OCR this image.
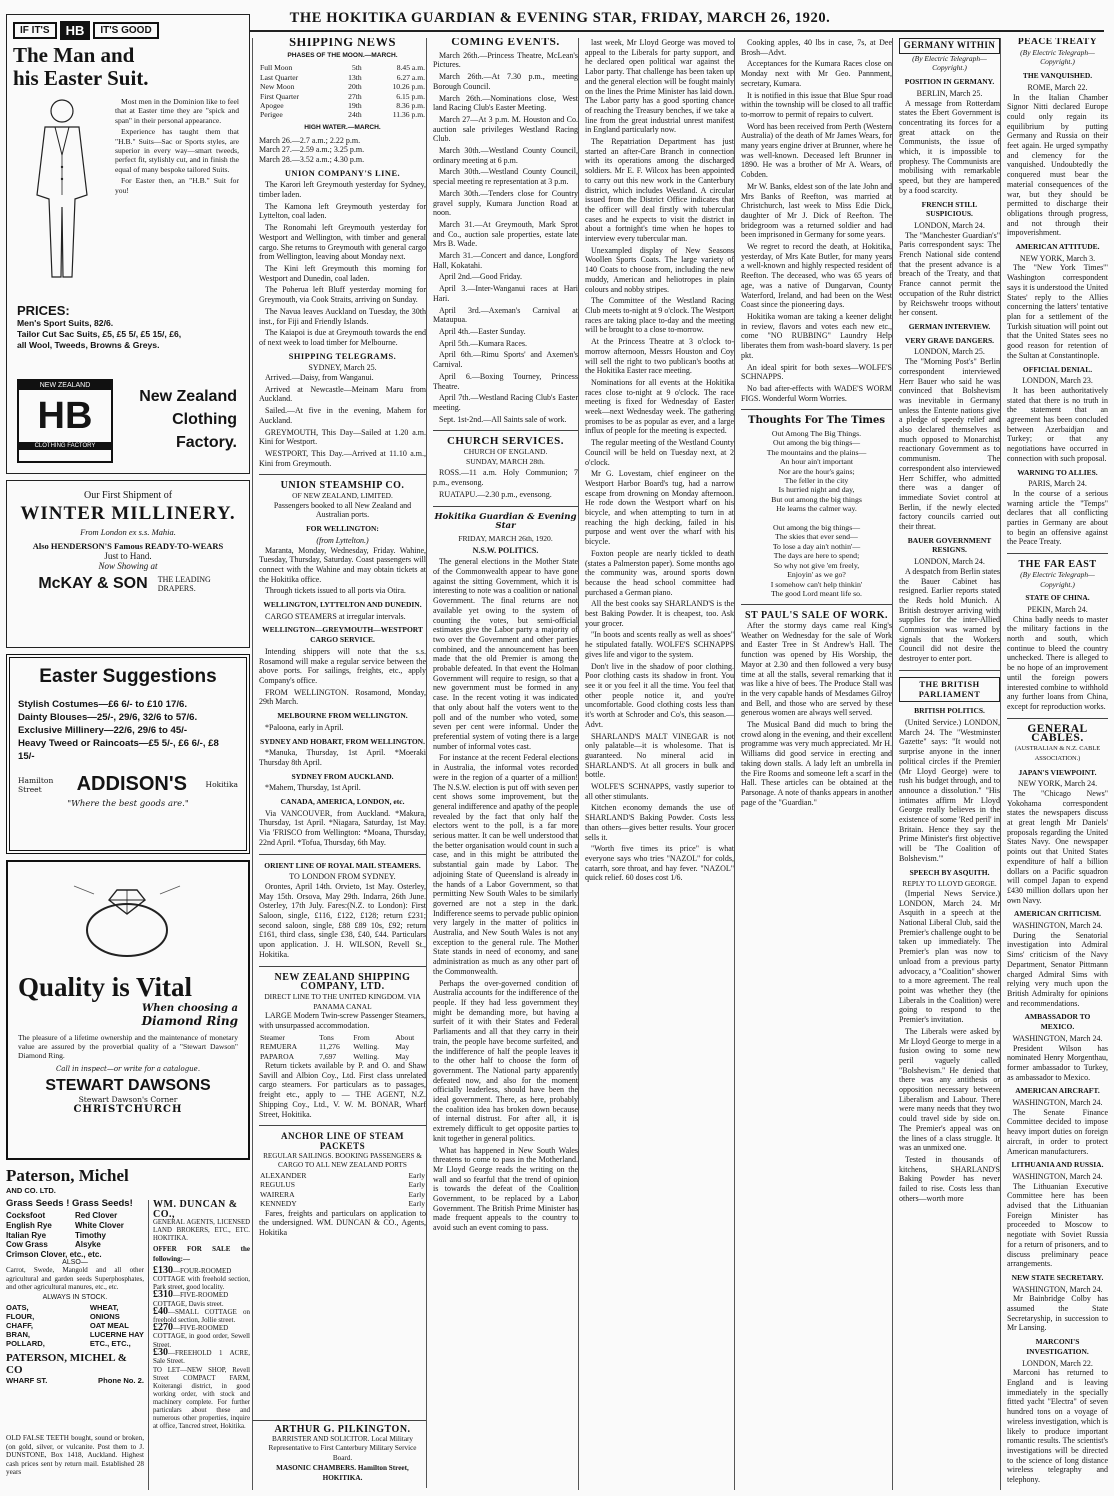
THE HOKITIKA GUARDIAN & EVENING STAR, FRIDAY, MARCH 26, 1920.
IF IT'S	HB	IT'S GOOD
The Man and his Easter Suit.

Most men in the Dominion like to feel that at Easter time they are "spick and span" in their personal appearance.

Experience has taught them that "H.B." Suits—Sac or Sports styles, are superior in every way—smart tweeds, perfect fit, stylishly cut, and in finish the equal of many bespoke tailored Suits.

For Easter then, an "H.B." Suit for you!

PRICES:
Men's Sport Suits, 82/6.
Tailor Cut Sac Suits, £5, £5 5/, £5 15/, £6,
all Wool, Tweeds, Browns & Greys.
NEW ZEALAND
HB
CLOTHING FACTORY
New Zealand Clothing Factory.
Our First Shipment of
WINTER MILLINERY.
From London ex s.s. Mahia.
Also HENDERSON'S Famous READY-TO-WEARS
Just to Hand.
Now Showing at
McKAY & SON THE LEADING DRAPERS.
Easter Suggestions
Stylish Costumes—£6 6/- to £10 17/6.
Dainty Blouses—25/-, 29/6, 32/6 to 57/6.
Exclusive Millinery—22/6, 29/6 to 45/-
Heavy Tweed or Raincoats—£5 5/-, £6 6/-, £8 15/-
Hamilton Street	ADDISON'S Hokitika
"Where the best goods are."
Quality is Vital
When choosing a
Diamond Ring
The pleasure of a lifetime ownership and the maintenance of monetary value are assured by the proverbial quality of a "Stewart Dawson" Diamond Ring.
Call in inspect—or write for a catalogue.
STEWART DAWSONS
Stewart Dawson's Corner
CHRISTCHURCH
Paterson, Michel
AND CO. LTD.
Grass Seeds ! Grass Seeds!
Cocksfoot	Red Clover
English Rye	White Clover
Italian Rye	Timothy
Cow Grass	Alsyke
Crimson Clover, etc., etc.
ALSO—
Carrot, Swede, Mangold and all other agricultural and garden seeds Superphosphates, and other agricultural manures, etc., etc.
ALWAYS IN STOCK.
OATS,
FLOUR,
CHAFF,
BRAN,
POLLARD,
WHEAT,
ONIONS
OAT MEAL
LUCERNE HAY
ETC., ETC.,
PATERSON, MICHEL & CO
WHARF ST.	Phone No. 2.
OLD FALSE TEETH bought, sound or broken, (on gold, silver, or vulcanite. Post them to J. DUNSTONE, Box 1418, Auckland. Highest cash prices sent by return mail. Established 28 years
SHIPPING NEWS
PHASES OF THE MOON.—MARCH.
Full Moon	5th	8.45 a.m.
Last Quarter	13th	6.27 a.m.
New Moon	20th	10.26 p.m.
First Quarter	27th	6.15 p.m.
Apogee	19th	8.36 p.m.
Perigee	24th	11.36 p.m.
HIGH WATER.—MARCH.
March 26.—2.7 a.m.; 2.22 p.m.
March 27.—2.59 a.m.; 3.25 p.m.
March 28.—3.52 a.m.; 4.30 p.m.
UNION COMPANY'S LINE.

The Karori left Greymouth yesterday for Sydney, timber laden.

The Kamona left Greymouth yesterday for Lyttelton, coal laden.

The Ronomahi left Greymouth yesterday for Westport and Wellington, with timber and general cargo. She returns to Greymouth with general cargo from Wellington, leaving about Monday next.

The Kini left Greymouth this morning for Westport and Dunedin, coal laden.

The Poherua left Bluff yesterday morning for Greymouth, via Cook Straits, arriving on Sunday.

The Navua leaves Auckland on Tuesday, the 30th inst., for Fiji and Friendly Islands.

The Kaiapoi is due at Greymouth towards the end of next week to load timber for Melbourne.

SHIPPING TELEGRAMS.
SYDNEY, March 25.

Arrived.—Daisy, from Wanganui.

Arrived at Newcastle—Meinam Maru from Auckland.

Sailed.—At five in the evening, Mahem for Auckland.

GREYMOUTH, This Day—Sailed at 1.20 a.m. Kini for Westport.

WESTPORT, This Day.—Arrived at 11.10 a.m., Kini from Greymouth.

UNION STEAMSHIP CO.
OF NEW ZEALAND, LIMITED.
Passengers booked to all New Zealand and Australian ports.
FOR WELLINGTON:
(from Lyttelton.)

Maranta, Monday, Wednesday, Friday. Wahine, Tuesday, Thursday, Saturday. Coast passengers will connect with the Wahine and may obtain tickets at the Hokitika office.

Through tickets issued to all ports via Otira.

WELLINGTON, LYTTELTON AND DUNEDIN.

CARGO STEAMERS at irregular intervals.

WELLINGTON—GREYMOUTH—WESTPORT CARGO SERVICE.

Intending shippers will note that the s.s. Rosamond will make a regular service between the above ports. For sailings, freights, etc., apply Company's office.

FROM WELLINGTON. Rosamond, Monday, 29th March.

MELBOURNE FROM WELLINGTON.

*Paloona, early in April.

SYDNEY AND HOBART, FROM WELLINGTON.

*Manuka, Thursday, 1st April. *Moeraki Thursday 8th April.

SYDNEY FROM AUCKLAND.

*Mahem, Thursday, 1st April.

CANADA, AMERICA, LONDON, etc.

Via VANCOUVER, from Auckland. *Makura, Thursday, 1st April. *Niagara, Saturday, 1st May. Via 'FRISCO from Wellington: *Moana, Thursday, 22nd April. *Tofua, Thursday, 6th May.

ORIENT LINE OF ROYAL MAIL STEAMERS.
TO LONDON FROM SYDNEY.

Orontes, April 14th. Orvieto, 1st May. Osterley, May 15th. Orsova, May 29th. Indarra, 26th June. Osterley, 17th July. Fares:(N.Z. to London): First Saloon, single, £116, £122, £128; return £231; second saloon, single, £88 £89 10s, £92; return £161, third class, single £38, £40, £44. Particulars upon application. J. H. WILSON, Revell St., Hokitika.

NEW ZEALAND SHIPPING COMPANY, LTD.
DIRECT LINE TO THE UNITED KINGDOM. VIA PANAMA CANAL

LARGE Modern Twin-screw Passenger Steamers, with unsurpassed accommodation.

Steamer	Tons	From	About
REMUERA	11,276	Welling.	May
PAPAROA	7,697	Welling.	May

Return tickets available by P. and O. and Shaw Savill and Albion Coy., Ltd. First class unrelated cargo steamers. For particulars as to passages, freight etc., apply to — THE AGENT, N.Z. Shipping Coy., Ltd., V. W. M. BONAR, Wharf Street, Hokitika.

ANCHOR LINE OF STEAM PACKETS
REGULAR SAILINGS. BOOKING PASSENGERS & CARGO TO ALL NEW ZEALAND PORTS
ALEXANDER	Early
REGULUS	Early
WAIRERA	Early
KENNEDY	Early

Fares, freights and particulars on application to the undersigned. WM. DUNCAN & CO., Agents, Hokitika

WM. DUNCAN & CO.,
GENERAL AGENTS, LICENSED LAND BROKERS, ETC., ETC. HOKITIKA.
OFFER FOR SALE the following:—
£130—FOUR-ROOMED COTTAGE with freehold section, Park street, good locality.
£310—FIVE-ROOMED COTTAGE, Davis street.
£40—SMALL COTTAGE on freehold section, Jollie street.
£270—FIVE-ROOMED COTTAGE, in good order, Sewell Street.
£30—FREEHOLD 1 ACRE, Sale Street.
TO LET—NEW SHOP, Revell Street COMPACT FARM, Koiterangi district, in good working order, with stock and machinery complete. For further particulars about these and numerous other properties, inquire at office, Tancred street, Hokitika.
COMING EVENTS.

March 26th.—Princess Theatre, McLean's Pictures.

March 26th.—At 7.30 p.m., meeting Borough Council.

March 26th.—Nominations close, West land Racing Club's Easter Meeting.

March 27—At 3 p.m. M. Houston and Co. auction sale privileges Westland Racing Club.

March 30th.—Westland County Council, ordinary meeting at 6 p.m.

March 30th.—Westland County Council, special meeting re representation at 3 p.m.

March 30th.—Tenders close for Country gravel supply, Kumara Junction Road at noon.

March 31.—At Greymouth, Mark Sprot and Co., auction sale properties, estate late Mrs B. Wade.

March 31.—Concert and dance, Longford Hall, Kokatahi.

April 2nd.—Good Friday.

April 3.—Inter-Wanganui races at Hari Hari.

April 3rd.—Axeman's Carnival at Mataupua.

April 4th.—Easter Sunday.

April 5th.—Kumara Races.

April 6th.—Rimu Sports' and Axemen's Carnival.

April 6.—Boxing Tourney, Princess Theatre.

April 7th.—Westland Racing Club's Easter meeting.

Sept. 1st-2nd.—All Saints sale of work.

CHURCH SERVICES.
CHURCH OF ENGLAND.
SUNDAY, MARCH 28th.

ROSS.—11 a.m. Holy Communion; 7 p.m., evensong.

RUATAPU.—2.30 p.m., evensong.

Hokitika Guardian & Evening Star
FRIDAY, MARCH 26th, 1920.
N.S.W. POLITICS.

The general elections in the Mother State of the Commonwealth appear to have gone against the sitting Government, which it is interesting to note was a coalition or national Government. The final returns are not available yet owing to the system of counting the votes, but semi-official estimates give the Labor party a majority of two over the Government and other parties combined, and the announcement has been made that the old Premier is among the probable defeated. In that event the Holman Government will require to resign, so that a new government must be formed in any case. In the recent voting it was indicated that only about half the voters went to the poll and of the number who voted, some seven per cent were informal. Under the preferential system of voting there is a large number of informal votes cast.

For instance at the recent Federal elections in Australia, the informal votes recorded were in the region of a quarter of a million! The N.S.W. election is put off with seven per cent shows some improvement, but the general indifference and apathy of the people revealed by the fact that only half the electors went to the poll, is a far more serious matter. It can be well understood that the better organisation would count in such a case, and in this might be attributed the substantial gain made by Labor. The adjoining State of Queensland is already in the hands of a Labor Government, so that permitting New South Wales to be similarly governed are not a step in the dark. Indifference seems to pervade public opinion very largely in the matter of politics in Australia, and New South Wales is not any exception to the general rule. The Mother State stands in need of economy, and sane administration as much as any other part of the Commonwealth.

Perhaps the over-governed condition of Australia accounts for the indifference of the people. If they had less government they might be demanding more, but having a surfeit of it with their States and Federal Parliaments and all that they carry in their train, the people have become surfeited, and the indifference of half the people leaves it to the other half to choose the form of government. The National party apparently defeated now, and also for the moment officially leaderless, should have been the ideal government. There, as here, probably the coalition idea has broken down because of internal distrust. For after all, it is extremely difficult to get opposite parties to knit together in general politics.

What has happened in New South Wales threatens to come to pass in the Motherland. Mr Lloyd George reads the writing on the wall and so fearful that the trend of opinion is towards the defeat of the Coalition Government, to be replaced by a Labor Government. The British Prime Minister has made frequent appeals to the country to avoid such an event coming to pass.

ARTHUR G. PILKINGTON.
BARRISTER AND SOLICITOR. Local Military Representative to First Canterbury Military Service Board.
MASONIC CHAMBERS. Hamilton Street, HOKITIKA.

last week, Mr Lloyd George was moved to appeal to the Liberals for party support, and he declared open political war against the Labor party. That challenge has been taken up and the general election will be fought mainly on the lines the Prime Minister has laid down. The Labor party has a good sporting chance of reaching the Treasury benches, if we take a line from the great industrial unrest manifest in England particularly now.

The Repatriation Department has just started an after-Care Branch in connection with its operations among the discharged soldiers. Mr E. F. Wilcox has been appointed to carry out this new work in the Canterbury district, which includes Westland. A circular issued from the District Office indicates that the officer will deal firstly with tubercular cases and he expects to visit the district in about a fortnight's time when he hopes to interview every tubercular man.

Unexampled display of New Seasons Woollen Sports Coats. The large variety of 140 Coats to choose from, including the new muddy, American and heliotropes in plain colours and nobby stripes.

The Committee of the Westland Racing Club meets to-night at 9 o'clock. The Westport races are taking place to-day and the meeting will be brought to a close to-morrow.

At the Princess Theatre at 3 o'clock to-morrow afternoon, Messrs Houston and Coy will sell the right to two publican's booths at the Hokitika Easter race meeting.

Nominations for all events at the Hokitika races close to-night at 9 o'clock. The race meeting is fixed for Wednesday of Easter week—next Wednesday week. The gathering promises to be as popular as ever, and a large influx of people for the meeting is expected.

The regular meeting of the Westland County Council will be held on Tuesday next, at 2 o'clock.

Mr G. Lovestam, chief engineer on the Westport Harbor Board's tug, had a narrow escape from drowning on Monday afternoon. He rode down the Westport wharf on his bicycle, and when attempting to turn in at reaching the high decking, failed in his purpose and went over the wharf with his bicycle.

Foxton people are nearly tickled to death (states a Palmerston paper). Some months ago the community was, around sports down because the head school committee had purchased a German piano.

All the best cooks say SHARLAND'S is the best Baking Powder. It is cheapest, too. Ask your grocer.

"In boots and scents really as well as shoes" he stipulated fatally. WOLFE'S SCHNAPPS gives life and vigor to the system.

Don't live in the shadow of poor clothing. Poor clothing casts its shadow in front. You see it or you feel it all the time. You feel that other people notice it, and you're uncomfortable. Good clothing costs less than it's worth at Schroder and Co's, this season.—Advt.

SHARLAND'S MALT VINEGAR is not only palatable—it is wholesome. That is guaranteed. No mineral acid in SHARLAND'S. At all grocers in bulk and bottle.

WOLFE'S SCHNAPPS, vastly superior to all other stimulants.

Kitchen economy demands the use of SHARLAND'S Baking Powder. Costs less than others—gives better results. Your grocer sells it.

"Worth five times its price" is what everyone says who tries "NAZOL" for colds, catarrh, sore throat, and hay fever. "NAZOL" quick relief. 60 doses cost 1/6.

Cooking apples, 40 lbs in case, 7s, at Dee Brosh—Advt.

Acceptances for the Kumara Races close on Monday next with Mr Geo. Pannment, secretary, Kumara.

It is notified in this issue that Blue Spur road within the township will be closed to all traffic to-morrow to permit of repairs to culvert.

Word has been received from Perth (Western Australia) of the death of Mr James Wears, for many years engine driver at Brunner, where he was well-known. Deceased left Brunner in 1890. He was a brother of Mr A. Wears, of Cobden.

Mr W. Banks, eldest son of the late John and Mrs Banks of Reefton, was married at Christchurch, last week to Miss Edie Dick, daughter of Mr J. Dick of Reefton. The bridegroom was a returned soldier and had been imprisoned in Germany for some years.

We regret to record the death, at Hokitika, yesterday, of Mrs Kate Butler, for many years a well-known and highly respected resident of Reefton. The deceased, who was 65 years of age, was a native of Dungarvan, County Waterford, Ireland, and had been on the West Coast since the pioneering days.

Hokitika woman are taking a keener delight in review, flavors and votes each new etc., come "NO RUBBING" Laundry Help liberates them from wash-board slavery. 1s per pkt.

An ideal spirit for both sexes—WOLFE'S SCHNAPPS.

No bad after-effects with WADE'S WORM FIGS. Wonderful Worm Worries.

Thoughts For The Times
Out Among The Big Things.
Out among the big things—
The mountains and the plains—
An hour ain't important
Nor are the hour's gains;
The feller in the city
Is hurried night and day,
But out among the big things
He learns the calmer way.

Out among the big things—
The skies that ever send—
To lose a day ain't nothin'—
The days are here to spend;
So why not give 'em freely,
Enjoyin' as we go?
I somehow can't help thinkin'
The good Lord meant life so.
ST PAUL'S SALE OF WORK.

After the stormy days came real King's Weather on Wednesday for the sale of Work and Easter Tree in St Andrew's Hall. The function was opened by His Worship, the Mayor at 2.30 and then followed a very busy time at all the stalls, several remarking that it was like a hive of bees. The Produce Stall was in the very capable hands of Mesdames Gilroy and Bell, and those who are served by these generous women are always well served.

The Musical Band did much to bring the crowd along in the evening, and their excellent programme was very much appreciated. Mr H. Williams did good service in erecting and taking down stalls. A lady left an umbrella in the Fire Rooms and someone left a scarf in the Hall. These articles can be obtained at the Parsonage. A note of thanks appears in another page of the "Guardian."

GERMANY WITHIN
(By Electric Telegraph—Copyright.)
POSITION IN GERMANY.
BERLIN, March 25.

A message from Rotterdam states the Ebert Government is concentrating its forces for a great attack on the Communists, the issue of which, it is impossible to prophesy. The Communists are mobilising with remarkable speed, but they are hampered by a food scarcity.

FRENCH STILL SUSPICIOUS.
LONDON, March 24.

The "Manchester Guardian's" Paris correspondent says: The French National side contend that the present advance is a breach of the Treaty, and that France cannot permit the occupation of the Ruhr district by Reichswehr troops without her consent.

GERMAN INTERVIEW.
VERY GRAVE DANGERS.
LONDON, March 25.

The "Morning Post's" Berlin correspondent interviewed Herr Bauer who said he was convinced that Bolshevism was inevitable in Germany unless the Entente nations give a pledge of speedy relief and also declared themselves as much opposed to Monarchist reactionary Government as to communism. The correspondent also interviewed Herr Schiffer, who admitted there was a danger of immediate Soviet control at Berlin, if the newly elected factory councils carried out their threat.

BAUER GOVERNMENT RESIGNS.
LONDON, March 24.

A despatch from Berlin states the Bauer Cabinet has resigned. Earlier reports stated the Reds hold Munich. A British destroyer arriving with supplies for the inter-Allied Commission was warned by signals that the Workers Council did not desire the destroyer to enter port.

THE BRITISH PARLIAMENT
BRITISH POLITICS.

(United Service.) LONDON, March 24. The "Westminster Gazette" says: "It would not surprise anyone in the inner political circles if the Premier (Mr Lloyd George) were to rush his budget through, and to announce a dissolution." "His intimates affirm Mr Lloyd George really believes in the existence of some 'Red peril' in Britain. Hence they say the Prime Minister's first objective will be 'The Coalition of Bolshevism.'"

SPEECH BY ASQUITH.
REPLY TO LLOYD GEORGE.

(Imperial News Service.) LONDON, March 24. Mr Asquith in a speech at the National Liberal Club, said the Premier's challenge ought to be taken up immediately. The Premier's plan was now to unload from a previous party advocacy, a "Coalition" shower to a more agreement. The real point was whether they (the Liberals in the Coalition) were going to respond to the Premier's invitation.

The Liberals were asked by Mr Lloyd George to merge in a fusion owing to some new peril vaguely called "Bolshevism." He denied that there was any antithesis or opposition necessary between Liberalism and Labour. There were many needs that they two could travel side by side on. The Premier's appeal was on the lines of a class struggle. It was an unmixed one.

Tested in thousands of kitchens, SHARLAND'S Baking Powder has never failed to rise. Costs less than others—worth more

PEACE TREATY
(By Electric Telegraph—Copyright.)
THE VANQUISHED.
ROME, March 22.

In the Italian Chamber Signor Nitti declared Europe could only regain its equilibrium by putting Germany and Russia on their feet again. He urged sympathy and clemency for the vanquished. Undoubtedly the conquered must bear the material consequences of the war, but they should be permitted to discharge their obligations through progress, and not through their impoverishment.

AMERICAN ATTITUDE.
NEW YORK, March 3.

The "New York Times'" Washington correspondent says it is understood the United States' reply to the Allies concerning the latters' tentative plan for a settlement of the Turkish situation will point out that the United States sees no good reason for retention of the Sultan at Constantinople.

OFFICIAL DENIAL.
LONDON, March 23.

It has been authoritatively stated that there is no truth in the statement that an agreement has been concluded between Azerbaidjan and Turkey; or that any negotiations have occurred in connection with such proposal.

WARNING TO ALLIES.
PARIS, March 24.

In the course of a serious warning article the "Temps" declares that all conflicting parties in Germany are about to begin an offensive against the Peace Treaty.

THE FAR EAST
(By Electric Telegraph—Copyright.)
STATE OF CHINA.
PEKIN, March 24.

China badly needs to master the military factions in the north and south, which continue to bleed the country unchecked. There is alleged to be no hope of an improvement until the foreign powers interested combine to withhold any further loans from China, except for reproduction works.

GENERAL CABLES.
(AUSTRALIAN & N.Z. CABLE ASSOCIATION.)
JAPAN'S VIEWPOINT.
NEW YORK, March 24.

The "Chicago News" Yokohama correspondent states the newspapers discuss at great length Mr Daniels' proposals regarding the United States Navy. One newspaper points out that United States expenditure of half a billion dollars on a Pacific squadron will compel Japan to expend £430 million dollars upon her own Navy.

AMERICAN CRITICISM.
WASHINGTON, March 24.

During the Senatorial investigation into Admiral Sims' criticism of the Navy Department, Senator Pittmann charged Admiral Sims with relying very much upon the British Admiralty for opinions and recommendations.

AMBASSADOR TO MEXICO.
WASHINGTON, March 24.

President Wilson has nominated Henry Morgenthau, former ambassador to Turkey, as ambassador to Mexico.

AMERICAN AIRCRAFT.
WASHINGTON, March 24.

The Senate Finance Committee decided to impose heavy import duties on foreign aircraft, in order to protect American manufacturers.

LITHUANIA AND RUSSIA.
WASHINGTON, March 24.

The Lithuanian Executive Committee here has been advised that the Lithuanian Foreign Minister has proceeded to Moscow to negotiate with Soviet Russia for a return of prisoners, and to discuss preliminary peace arrangements.

NEW STATE SECRETARY.
WASHINGTON, March 24.

Mr Bainbridge Colby has assumed the State Secretaryship, in succession to Mr Lansing.

MARCONI'S INVESTIGATION.
LONDON, March 22.

Marconi has returned to England and is leaving immediately in the specially fitted yacht "Electra" of seven hundred tons on a voyage of wireless investigation, which is likely to produce important romantic results. The scientist's investigations will be directed to the science of long distance wireless telegraphy and telephony.
